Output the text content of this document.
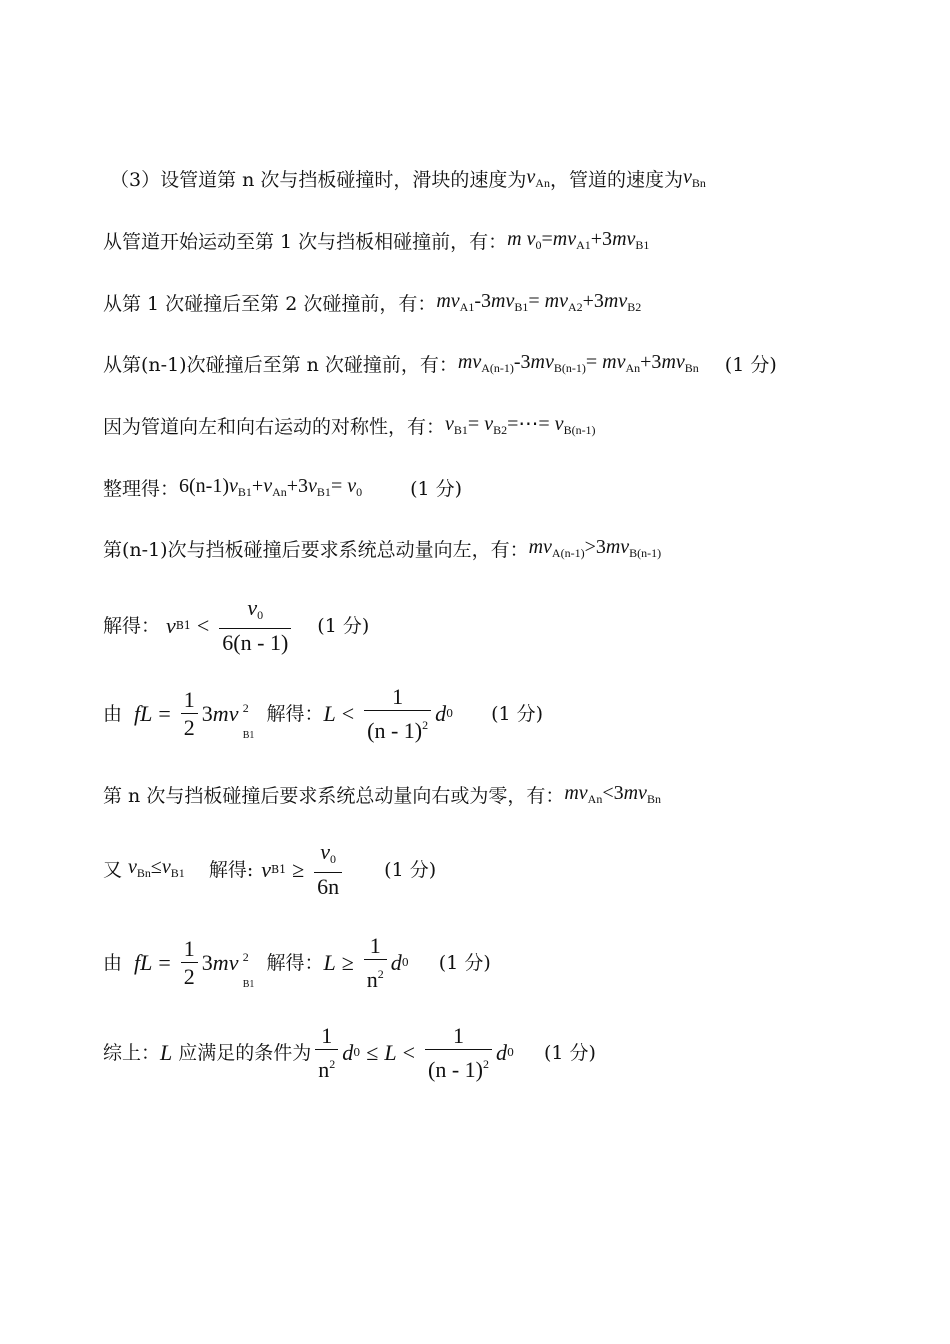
（3）设管道第 n 次与挡板碰撞时，滑块的速度为 $v_{An}$ ，管道的速度为 $v_{Bn}$
从管道开始运动至第 1 次与挡板相碰撞前，有： m $v_0=mv_{A1}+3mv_{B1}$
从第 1 次碰撞后至第 2 次碰撞前，有： $mv_{A1}-3mv_{B1}= mv_{A2}+3mv_{B2}$
从第(n-1)次碰撞后至第 n 次碰撞前，有： $mv_{A(n-1)}-3mv_{B(n-1)}= mv_{An}+3mv_{Bn}$ (1 分)
因为管道向左和向右运动的对称性，有： $v_{B1}=$ $v_{B2}=\cdots= v_{B(n-1)}$
整理得： $6(n-1)v_{B1}+v_{An}+3v_{B1}= v_0$	(1 分)
第(n-1)次与挡板碰撞后要求系统总动量向左，有： $mv_{A(n-1)}>3mv_{B(n-1)}$
解得： v $B1 < \frac{v_0}{6(n - 1)} (1$ 分)
由 fL = $\frac{1}{2} 3m$ v 2
B1
解得： $L < \frac{1}{(n - 1)^2}$ d 0 (1 分)
第 n 次与挡板碰撞后要求系统总动量向右或为零，有： $mv_{An}<3mv_{Bn}$
又 $v_{Bn}\le v_{B1}$ 解得: v $B1 \ge \frac{v_0}{6n} (1$ 分)
由 fL = $\frac{1}{2} 3m$ v 2
B1
解得： $L \ge \frac{1}{n^2}$ d 0 (1 分)
综上： L 应满足的条件为 $\frac{1}{n^2}$ d $0 \le L < \frac{1}{(n - 1)^2}$ d 0 (1 分)
